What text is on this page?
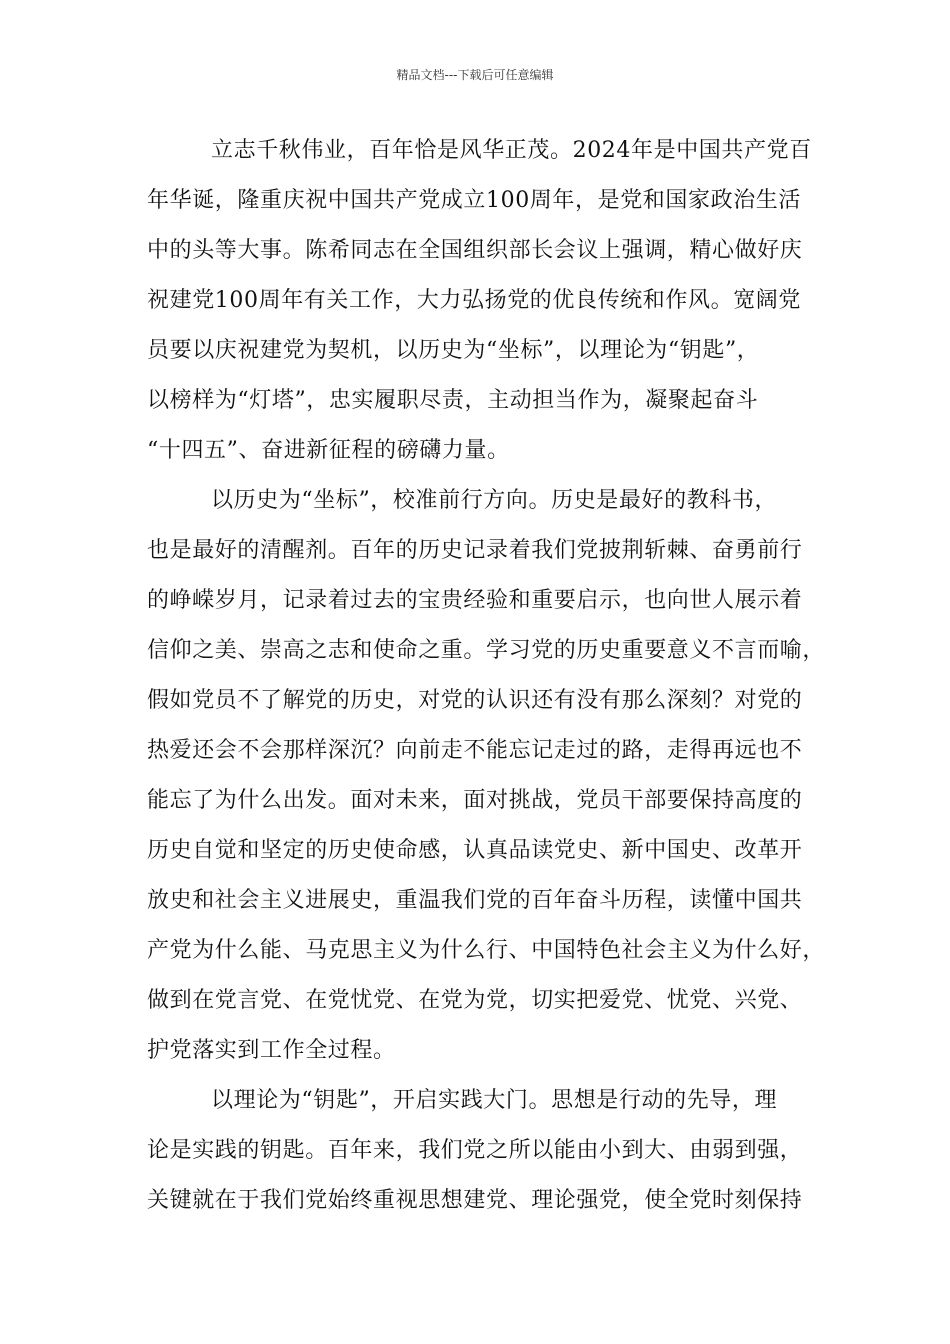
精品文档---下载后可任意编辑
立志千秋伟业，百年恰是风华正茂。2024年是中国共产党百
年华诞，隆重庆祝中国共产党成立100周年，是党和国家政治生活
中的头等大事。陈希同志在全国组织部长会议上强调，精心做好庆
祝建党100周年有关工作，大力弘扬党的优良传统和作风。宽阔党
员要以庆祝建党为契机，以历史为“坐标”，以理论为“钥匙”，
以榜样为“灯塔”，忠实履职尽责，主动担当作为，凝聚起奋斗
“十四五”、奋进新征程的磅礴力量。
以历史为“坐标”，校准前行方向。历史是最好的教科书，
也是最好的清醒剂。百年的历史记录着我们党披荆斩棘、奋勇前行
的峥嵘岁月，记录着过去的宝贵经验和重要启示，也向世人展示着
信仰之美、崇高之志和使命之重。学习党的历史重要意义不言而喻，
假如党员不了解党的历史，对党的认识还有没有那么深刻？对党的
热爱还会不会那样深沉？向前走不能忘记走过的路，走得再远也不
能忘了为什么出发。面对未来，面对挑战，党员干部要保持高度的
历史自觉和坚定的历史使命感，认真品读党史、新中国史、改革开
放史和社会主义进展史，重温我们党的百年奋斗历程，读懂中国共
产党为什么能、马克思主义为什么行、中国特色社会主义为什么好，
做到在党言党、在党忧党、在党为党，切实把爱党、忧党、兴党、
护党落实到工作全过程。
以理论为“钥匙”，开启实践大门。思想是行动的先导，理
论是实践的钥匙。百年来，我们党之所以能由小到大、由弱到强，
关键就在于我们党始终重视思想建党、理论强党，使全党时刻保持
